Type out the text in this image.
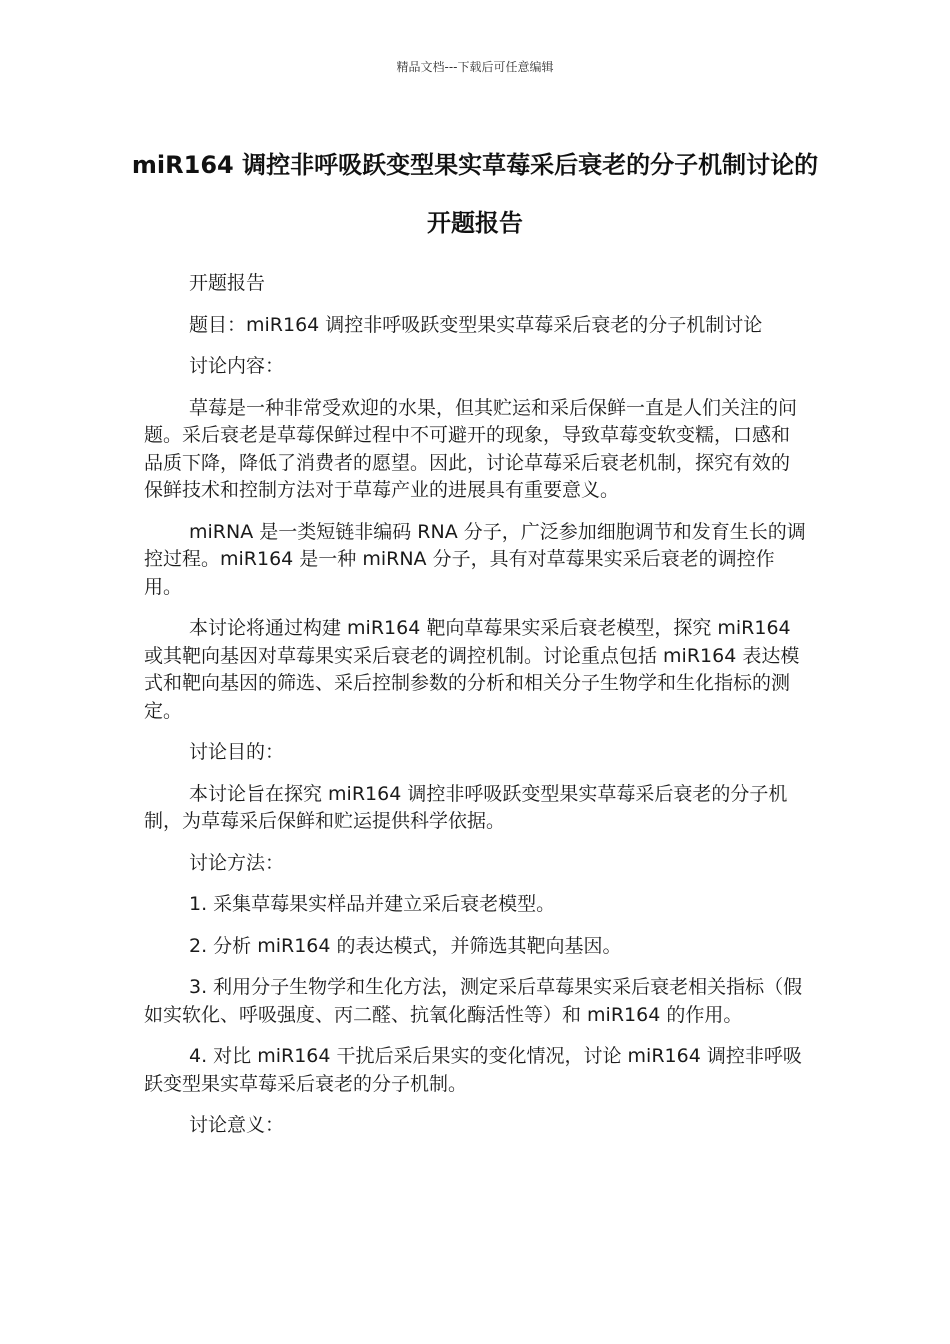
精品文档---下载后可任意编辑
miR164 调控非呼吸跃变型果实草莓采后衰老的分子机制讨论的开题报告

开题报告

题目：miR164 调控非呼吸跃变型果实草莓采后衰老的分子机制讨论

讨论内容：

草莓是一种非常受欢迎的水果，但其贮运和采后保鲜一直是人们关注的问题。采后衰老是草莓保鲜过程中不可避开的现象，导致草莓变软变糯，口感和品质下降，降低了消费者的愿望。因此，讨论草莓采后衰老机制，探究有效的保鲜技术和控制方法对于草莓产业的进展具有重要意义。

miRNA 是一类短链非编码 RNA 分子，广泛参加细胞调节和发育生长的调控过程。miR164 是一种 miRNA 分子，具有对草莓果实采后衰老的调控作用。

本讨论将通过构建 miR164 靶向草莓果实采后衰老模型，探究 miR164 或其靶向基因对草莓果实采后衰老的调控机制。讨论重点包括 miR164 表达模式和靶向基因的筛选、采后控制参数的分析和相关分子生物学和生化指标的测定。

讨论目的：

本讨论旨在探究 miR164 调控非呼吸跃变型果实草莓采后衰老的分子机制，为草莓采后保鲜和贮运提供科学依据。

讨论方法：

1. 采集草莓果实样品并建立采后衰老模型。

2. 分析 miR164 的表达模式，并筛选其靶向基因。

3. 利用分子生物学和生化方法，测定采后草莓果实采后衰老相关指标（假如实软化、呼吸强度、丙二醛、抗氧化酶活性等）和 miR164 的作用。

4. 对比 miR164 干扰后采后果实的变化情况，讨论 miR164 调控非呼吸跃变型果实草莓采后衰老的分子机制。

讨论意义：
